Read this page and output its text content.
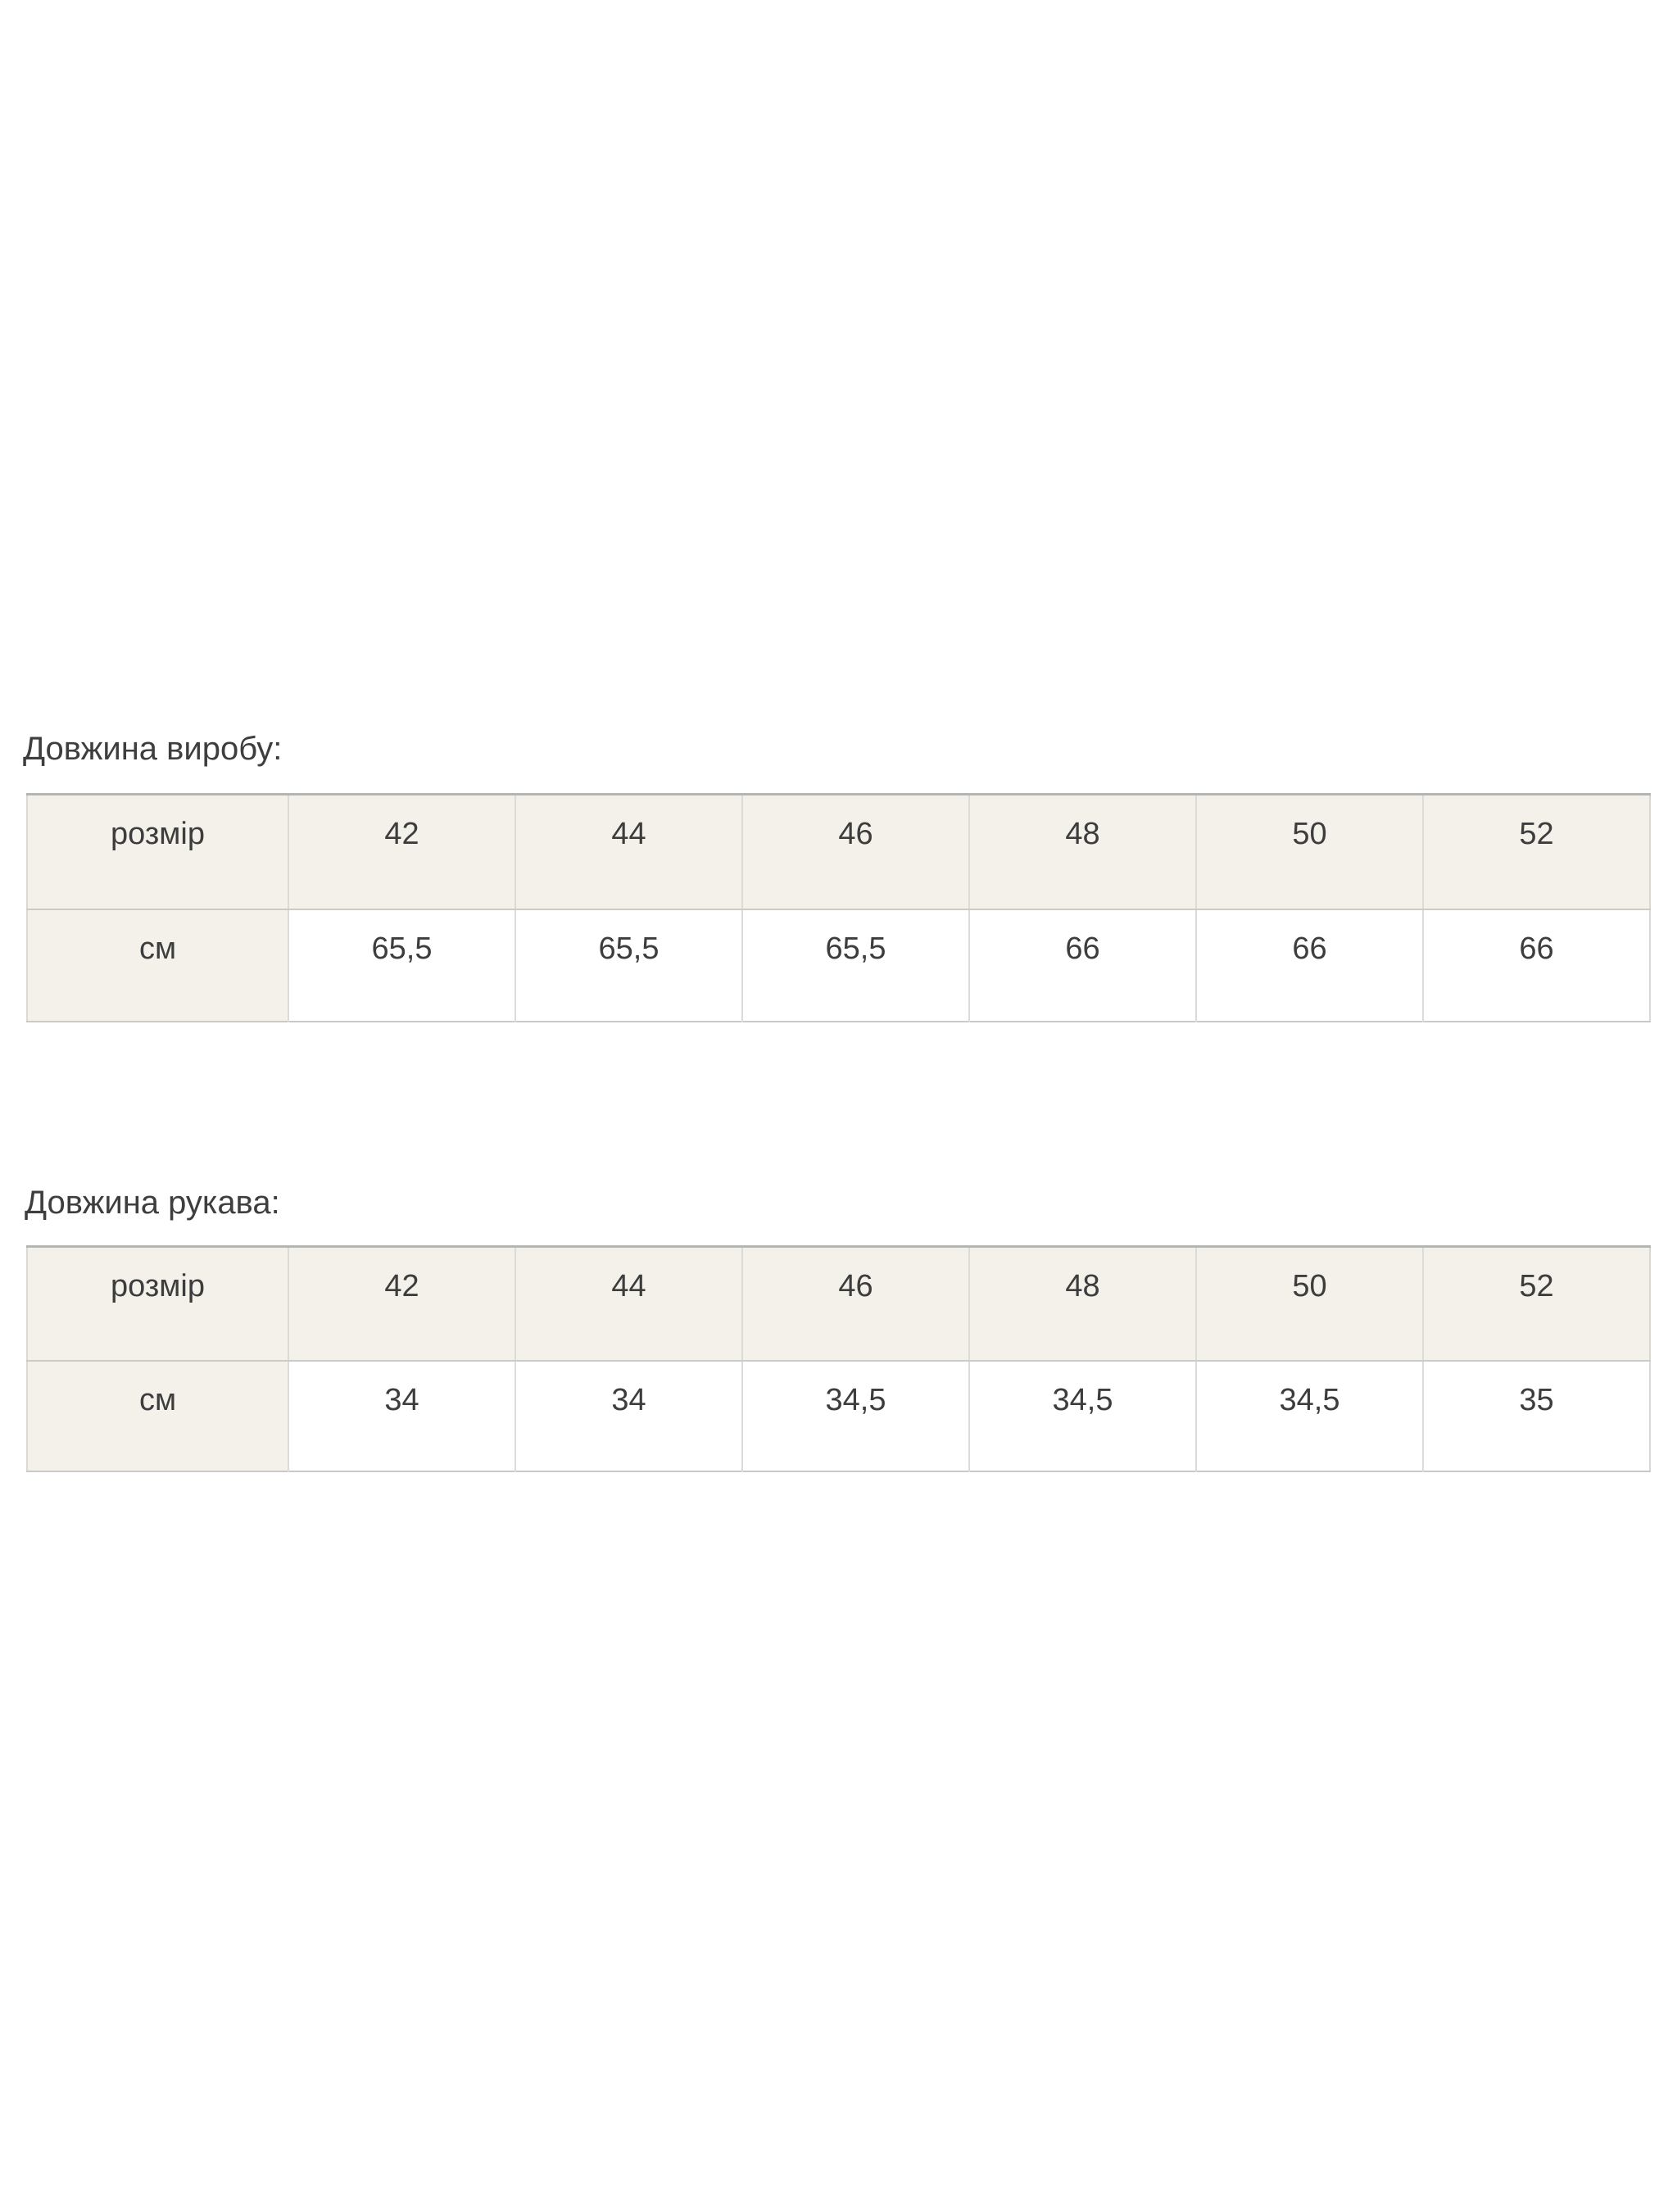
Довжина виробу:
розмір	42	44	46	48	50	52
см	65,5	65,5	65,5	66	66	66
Довжина рукава:
розмір	42	44	46	48	50	52
см	34	34	34,5	34,5	34,5	35
